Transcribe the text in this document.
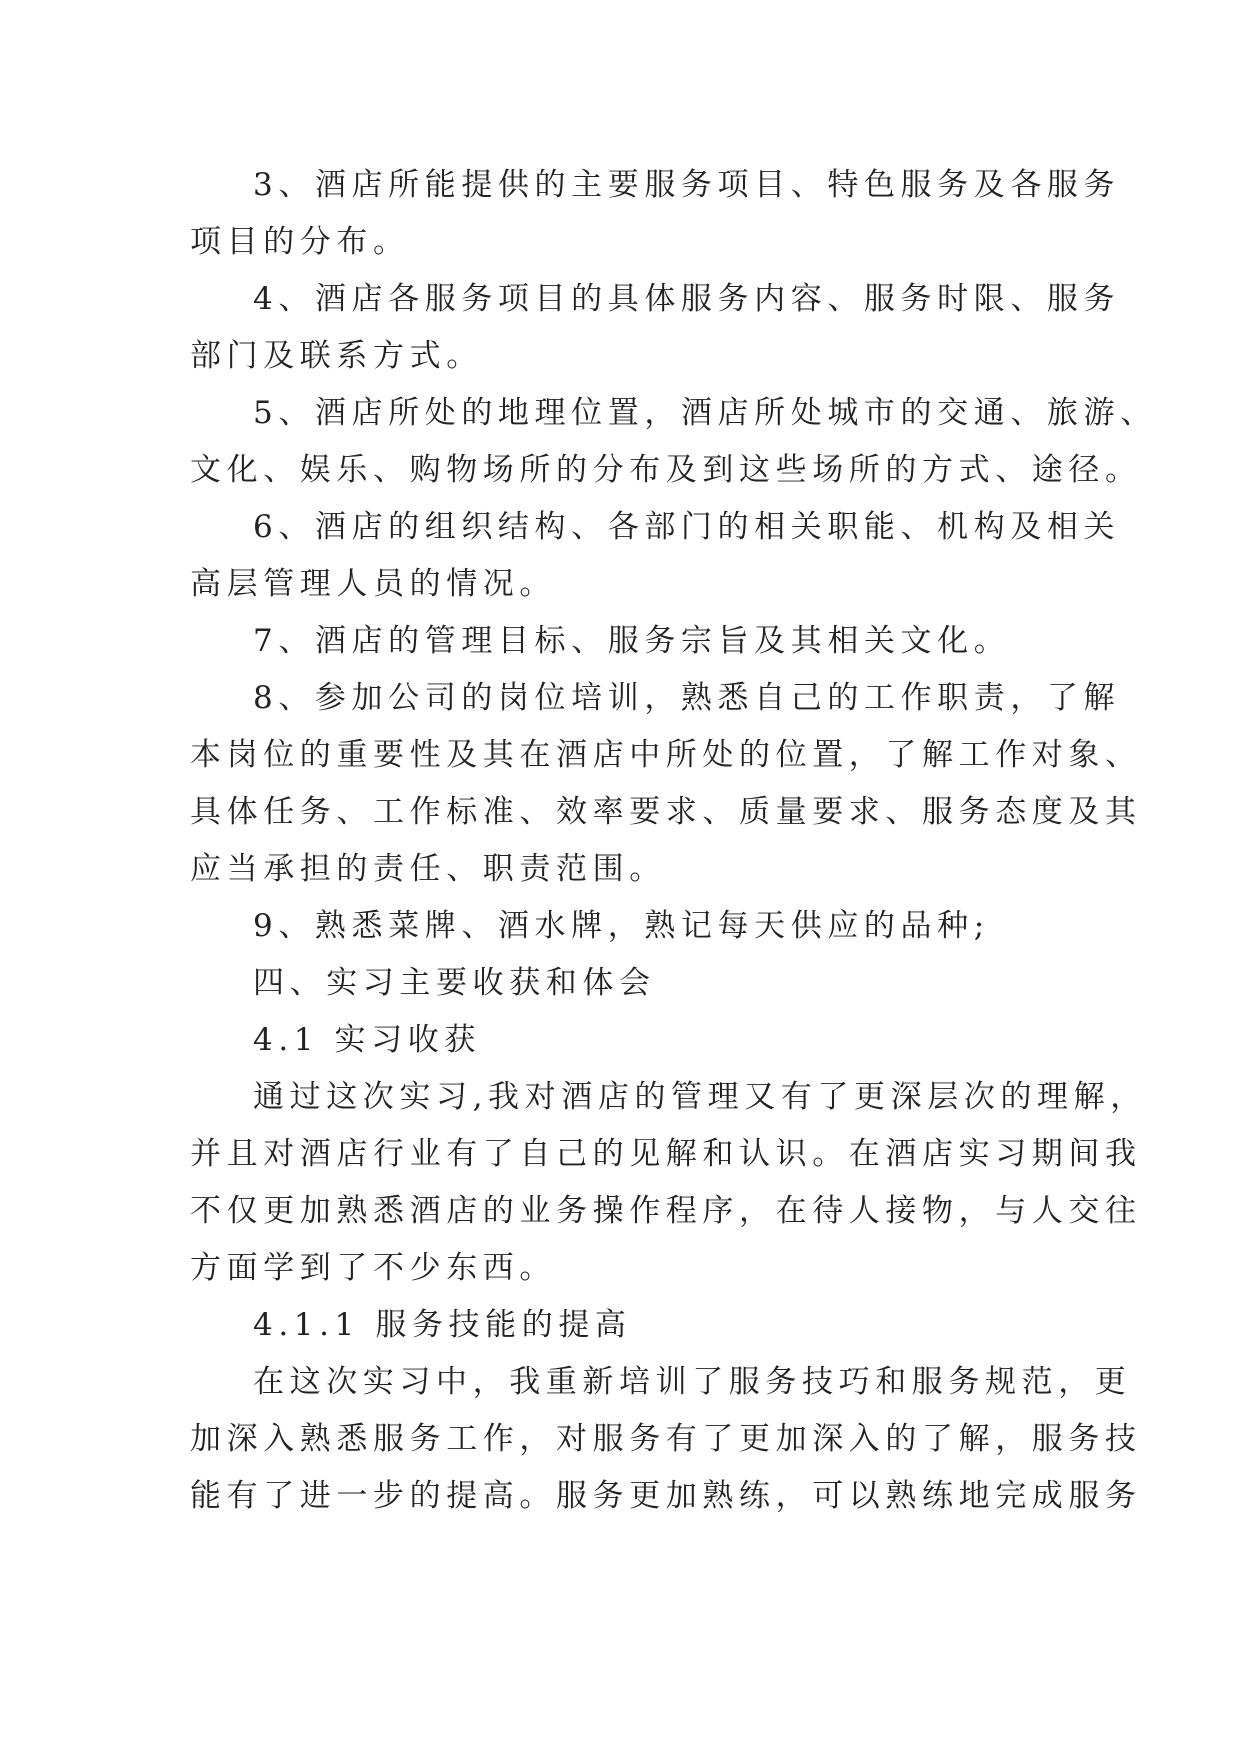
3、酒店所能提供的主要服务项目、特色服务及各服务
项目的分布。
4、酒店各服务项目的具体服务内容、服务时限、服务
部门及联系方式。
5、酒店所处的地理位置，酒店所处城市的交通、旅游、
文化、娱乐、购物场所的分布及到这些场所的方式、途径。
6、酒店的组织结构、各部门的相关职能、机构及相关
高层管理人员的情况。
7、酒店的管理目标、服务宗旨及其相关文化。
8、参加公司的岗位培训，熟悉自己的工作职责，了解
本岗位的重要性及其在酒店中所处的位置，了解工作对象、
具体任务、工作标准、效率要求、质量要求、服务态度及其
应当承担的责任、职责范围。
9、熟悉菜牌、酒水牌，熟记每天供应的品种;
四、实习主要收获和体会
4.1 实习收获
通过这次实习,我对酒店的管理又有了更深层次的理解，
并且对酒店行业有了自己的见解和认识。在酒店实习期间我
不仅更加熟悉酒店的业务操作程序，在待人接物，与人交往
方面学到了不少东西。
4.1.1 服务技能的提高
在这次实习中，我重新培训了服务技巧和服务规范，更
加深入熟悉服务工作，对服务有了更加深入的了解，服务技
能有了进一步的提高。服务更加熟练，可以熟练地完成服务
